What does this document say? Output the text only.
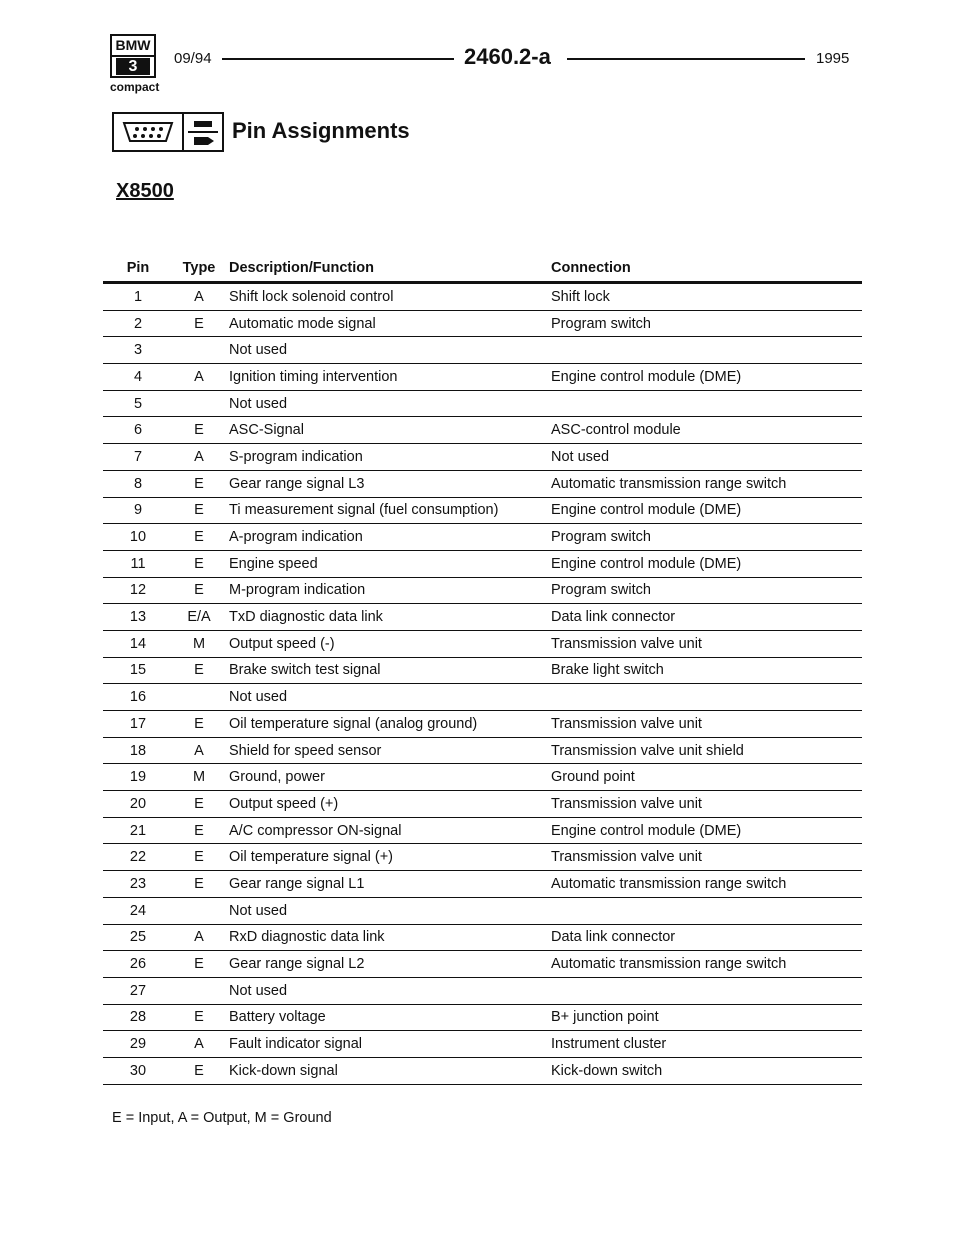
BMW
3
compact
09/94	2460.2-a	1995
Pin Assignments
X8500
Pin	Type	Description/Function	Connection
1	A	Shift lock solenoid control	Shift lock
2	E	Automatic mode signal	Program switch
3		Not used	
4	A	Ignition timing intervention	Engine control module (DME)
5		Not used	
6	E	ASC-Signal	ASC-control module
7	A	S-program indication	Not used
8	E	Gear range signal L3	Automatic transmission range switch
9	E	Ti measurement signal (fuel consumption)	Engine control module (DME)
10	E	A-program indication	Program switch
11	E	Engine speed	Engine control module (DME)
12	E	M-program indication	Program switch
13	E/A	TxD diagnostic data link	Data link connector
14	M	Output speed (-)	Transmission valve unit
15	E	Brake switch test signal	Brake light switch
16		Not used	
17	E	Oil temperature signal (analog ground)	Transmission valve unit
18	A	Shield for speed sensor	Transmission valve unit shield
19	M	Ground, power	Ground point
20	E	Output speed (+)	Transmission valve unit
21	E	A/C compressor ON-signal	Engine control module (DME)
22	E	Oil temperature signal (+)	Transmission valve unit
23	E	Gear range signal L1	Automatic transmission range switch
24		Not used	
25	A	RxD diagnostic data link	Data link connector
26	E	Gear range signal L2	Automatic transmission range switch
27		Not used	
28	E	Battery voltage	B+ junction point
29	A	Fault indicator signal	Instrument cluster
30	E	Kick-down signal	Kick-down switch
E = Input, A = Output, M = Ground
